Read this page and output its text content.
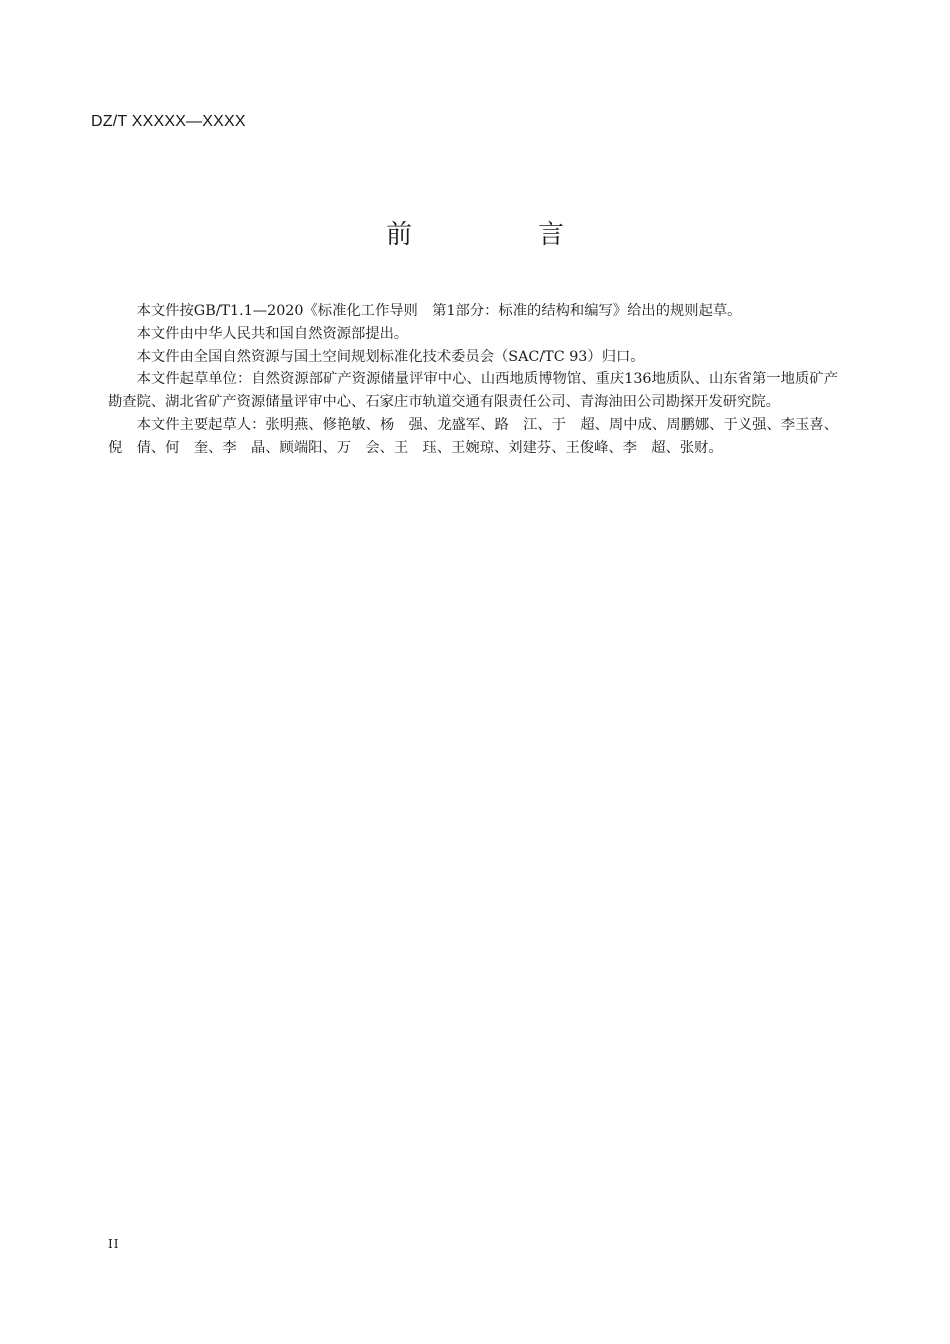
DZ/T XXXXX—XXXX
前　言

本文件按GB/T1.1—2020《标准化工作导则　第1部分：标准的结构和编写》给出的规则起草。

本文件由中华人民共和国自然资源部提出。

本文件由全国自然资源与国土空间规划标准化技术委员会（SAC/TC 93）归口。

本文件起草单位：自然资源部矿产资源储量评审中心、山西地质博物馆、重庆136地质队、山东省第一地质矿产勘查院、湖北省矿产资源储量评审中心、石家庄市轨道交通有限责任公司、青海油田公司勘探开发研究院。

本文件主要起草人：张明燕、修艳敏、杨　强、龙盛军、路　江、于　超、周中成、周鹏娜、于义强、李玉喜、倪　倩、何　奎、李　晶、顾端阳、万　会、王　珏、王婉琼、刘建芬、王俊峰、李　超、张财。

II
